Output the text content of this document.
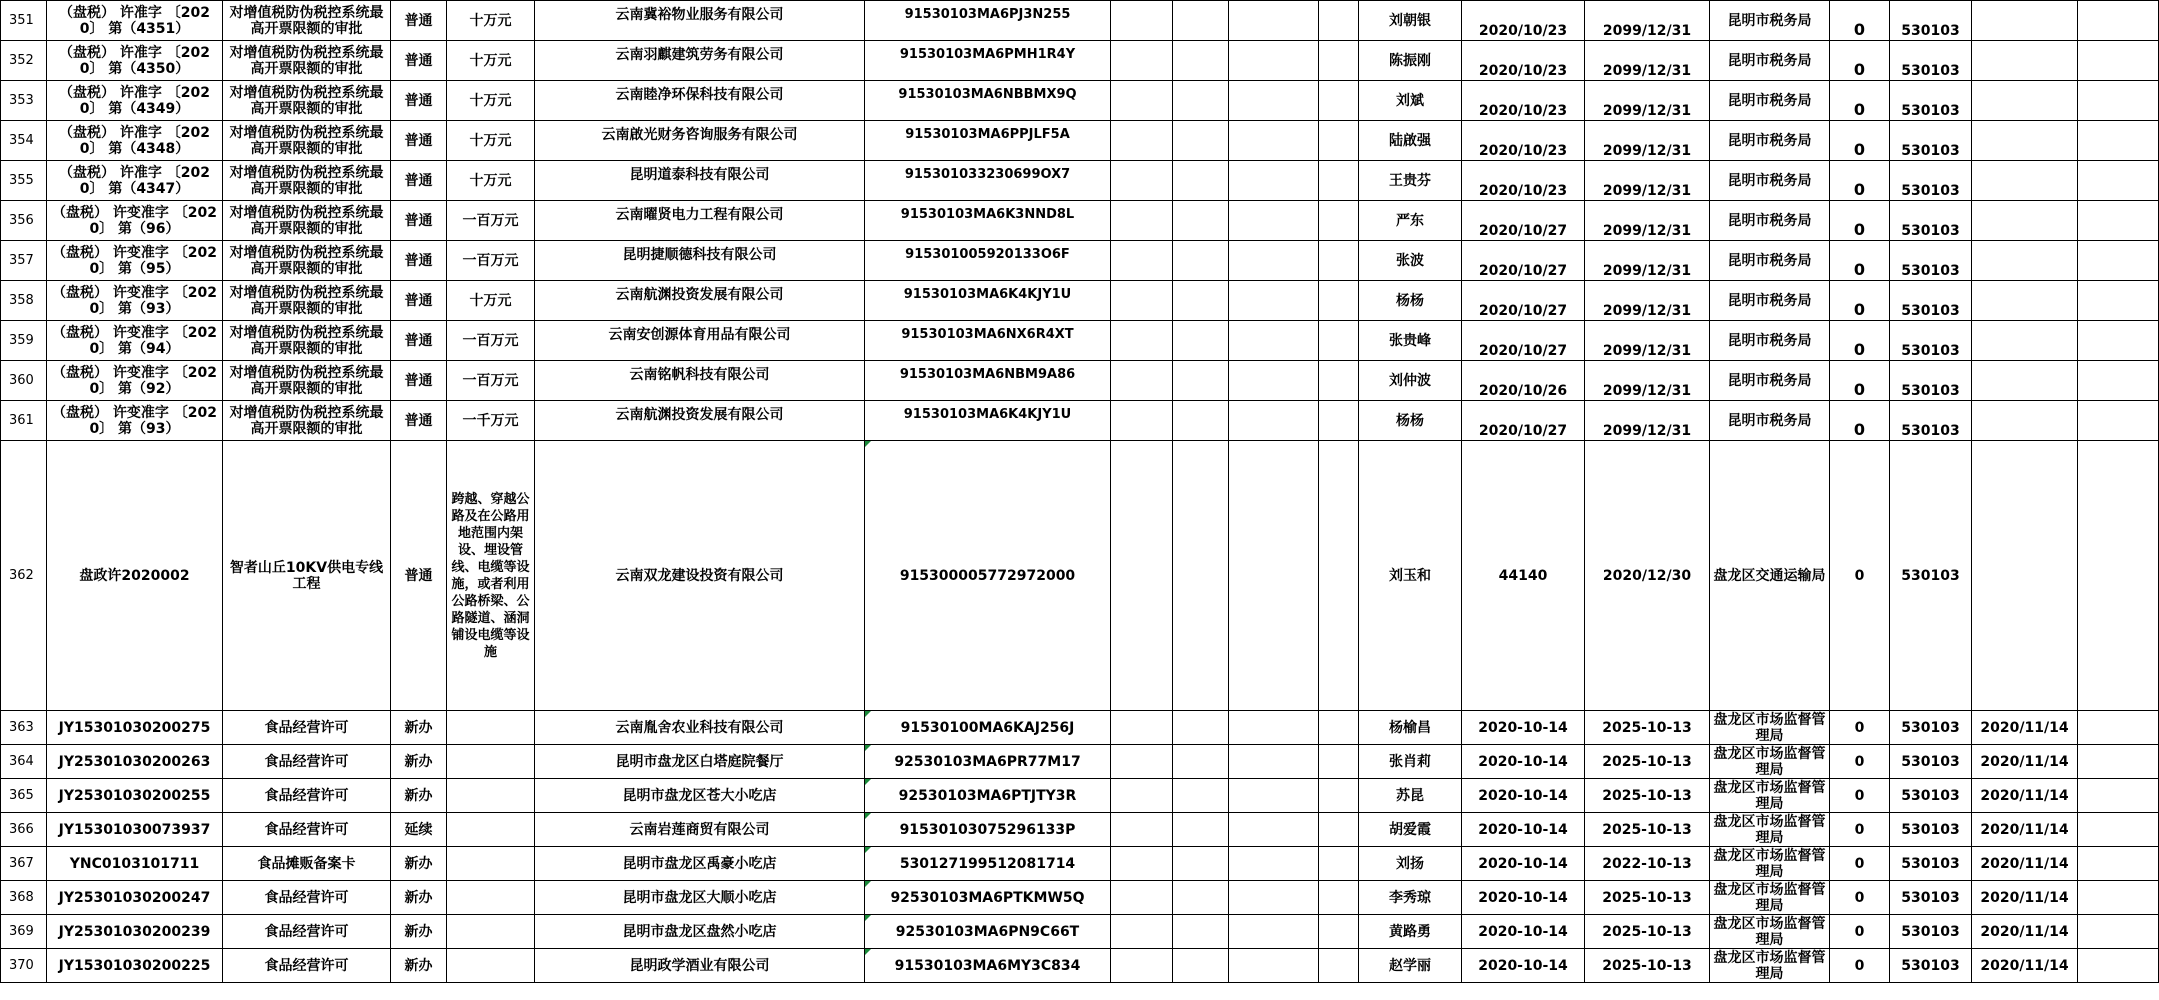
351	（盘税） 许准字 〔2020〕 第（4351）	对增值税防伪税控系统最高开票限额的审批	普通	十万元	云南冀裕物业服务有限公司	91530103MA6PJ3N255					刘朝银	2020/10/23	2099/12/31	昆明市税务局	0	530103		
352	（盘税） 许准字 〔2020〕 第（4350）	对增值税防伪税控系统最高开票限额的审批	普通	十万元	云南羽麒建筑劳务有限公司	91530103MA6PMH1R4Y					陈振刚	2020/10/23	2099/12/31	昆明市税务局	0	530103		
353	（盘税） 许准字 〔2020〕 第（4349）	对增值税防伪税控系统最高开票限额的审批	普通	十万元	云南睦净环保科技有限公司	91530103MA6NBBMX9Q					刘斌	2020/10/23	2099/12/31	昆明市税务局	0	530103		
354	（盘税） 许准字 〔2020〕 第（4348）	对增值税防伪税控系统最高开票限额的审批	普通	十万元	云南啟光财务咨询服务有限公司	91530103MA6PPJLF5A					陆啟强	2020/10/23	2099/12/31	昆明市税务局	0	530103		
355	（盘税） 许准字 〔2020〕 第（4347）	对增值税防伪税控系统最高开票限额的审批	普通	十万元	昆明道泰科技有限公司	915301033230699OX7					王贵芬	2020/10/23	2099/12/31	昆明市税务局	0	530103		
356	（盘税） 许变准字 〔2020〕 第（96）	对增值税防伪税控系统最高开票限额的审批	普通	一百万元	云南曜贤电力工程有限公司	91530103MA6K3NND8L					严东	2020/10/27	2099/12/31	昆明市税务局	0	530103		
357	（盘税） 许变准字 〔2020〕 第（95）	对增值税防伪税控系统最高开票限额的审批	普通	一百万元	昆明捷顺德科技有限公司	915301005920133O6F					张波	2020/10/27	2099/12/31	昆明市税务局	0	530103		
358	（盘税） 许变准字 〔2020〕 第（93）	对增值税防伪税控系统最高开票限额的审批	普通	十万元	云南航渊投资发展有限公司	91530103MA6K4KJY1U					杨杨	2020/10/27	2099/12/31	昆明市税务局	0	530103		
359	（盘税） 许变准字 〔2020〕 第（94）	对增值税防伪税控系统最高开票限额的审批	普通	一百万元	云南安创源体育用品有限公司	91530103MA6NX6R4XT					张贵峰	2020/10/27	2099/12/31	昆明市税务局	0	530103		
360	（盘税） 许变准字 〔2020〕 第（92）	对增值税防伪税控系统最高开票限额的审批	普通	一百万元	云南铭帆科技有限公司	91530103MA6NBM9A86					刘仲波	2020/10/26	2099/12/31	昆明市税务局	0	530103		
361	（盘税） 许变准字 〔2020〕 第（93）	对增值税防伪税控系统最高开票限额的审批	普通	一千万元	云南航渊投资发展有限公司	91530103MA6K4KJY1U					杨杨	2020/10/27	2099/12/31	昆明市税务局	0	530103		
362	盘政许2020002	智者山丘10KV供电专线工程	普通	跨越、穿越公路及在公路用地范围内架设、埋设管线、电缆等设施，或者利用公路桥梁、公路隧道、涵洞铺设电缆等设施	云南双龙建设投资有限公司	915300005772972000					刘玉和	44140	2020/12/30	盘龙区交通运输局	0	530103		
363	JY15301030200275	食品经营许可	新办		云南胤舍农业科技有限公司	91530100MA6KAJ256J					杨榆昌	2020-10-14	2025-10-13	盘龙区市场监督管理局	0	530103	2020/11/14	
364	JY25301030200263	食品经营许可	新办		昆明市盘龙区白塔庭院餐厅	92530103MA6PR77M17					张肖莉	2020-10-14	2025-10-13	盘龙区市场监督管理局	0	530103	2020/11/14	
365	JY25301030200255	食品经营许可	新办		昆明市盘龙区苍大小吃店	92530103MA6PTJTY3R					苏昆	2020-10-14	2025-10-13	盘龙区市场监督管理局	0	530103	2020/11/14	
366	JY15301030073937	食品经营许可	延续		云南岩莲商贸有限公司	91530103075296133P					胡爱霞	2020-10-14	2025-10-13	盘龙区市场监督管理局	0	530103	2020/11/14	
367	YNC0103101711	食品摊贩备案卡	新办		昆明市盘龙区禹豪小吃店	530127199512081714					刘扬	2020-10-14	2022-10-13	盘龙区市场监督管理局	0	530103	2020/11/14	
368	JY25301030200247	食品经营许可	新办		昆明市盘龙区大顺小吃店	92530103MA6PTKMW5Q					李秀琼	2020-10-14	2025-10-13	盘龙区市场监督管理局	0	530103	2020/11/14	
369	JY25301030200239	食品经营许可	新办		昆明市盘龙区盘然小吃店	92530103MA6PN9C66T					黄路勇	2020-10-14	2025-10-13	盘龙区市场监督管理局	0	530103	2020/11/14	
370	JY15301030200225	食品经营许可	新办		昆明政学酒业有限公司	91530103MA6MY3C834					赵学丽	2020-10-14	2025-10-13	盘龙区市场监督管理局	0	530103	2020/11/14	
